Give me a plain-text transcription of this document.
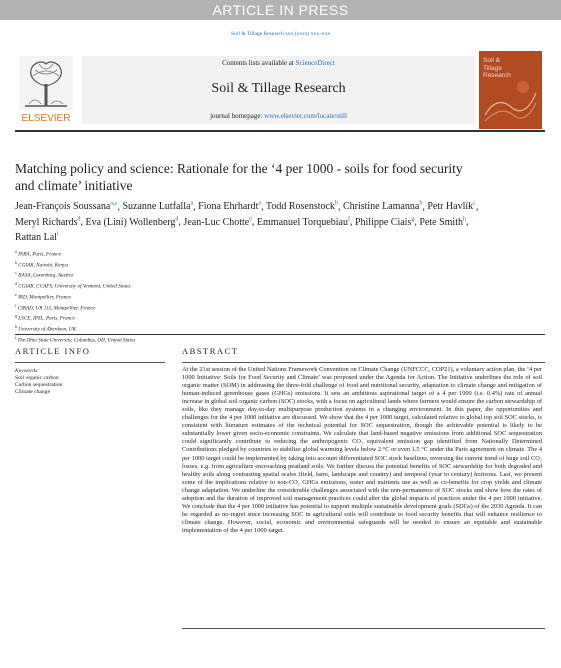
ARTICLE IN PRESS
Soil & Tillage Research xxx (xxxx) xxx–xxx
ELSEVIER
Contents lists available at ScienceDirect
Soil & Tillage Research
journal homepage: www.elsevier.com/locate/still
Soil &
Tillage
Research
Matching policy and science: Rationale for the ‘4 per 1000 - soils for food security and climate’ initiative
Jean-François Soussana$^{a,⁎}$, Suzanne Lutfalla$^a$, Fiona Ehrhardt$^a$, Todd Rosenstock$^b$, Christine Lamanna$^b$, Petr Havlík$^c$, Meryl Richards$^d$, Eva (Lini) Wollenberg$^d$, Jean-Luc Chotte$^e$, Emmanuel Torquebiau$^f$, Philippe Ciais$^g$, Pete Smith$^h$, Rattan Lal$^i$
$^a$ INRA, Paris, France
$^b$ CGIAR, Nairobi, Kenya
$^c$ IIASA, Laxenburg, Austria
$^d$ CGIAR, CCAFS, University of Vermont, United States
$^e$ IRD, Montpellier, France
$^f$ CIRAD, UR 115, Montpellier, France
$^g$ LSCE, IPSL, Paris, France
$^h$ University of Aberdeen, UK
$^i$ The Ohio State University, Columbus, OH, United States
ARTICLE INFO	ABSTRACT
Keywords:
Soil organic carbon
Carbon sequestration
Climate change
At the 21st session of the United Nations Framework Convention on Climate Change (UNFCCC, COP21), a voluntary action plan, the ‘4 per 1000 Initiative: Soils for Food Security and Climate’ was proposed under the Agenda for Action. The Initiative underlines the role of soil organic matter (SOM) in addressing the three-fold challenge of food and nutritional security, adaptation to climate change and mitigation of human-induced greenhouse gases (GHGs) emissions. It sets an ambitious aspirational target of a 4 per 1000 (i.e. 0.4%) rate of annual increase in global soil organic carbon (SOC) stocks, with a focus on agricultural lands where farmers would ensure the carbon stewardship of soils, like they manage day-to-day multipurpose production systems in a changing environment. In this paper, the opportunities and challenges for the 4 per 1000 initiative are discussed. We show that the 4 per 1000 target, calculated relative to global top soil SOC stocks, is consistent with literature estimates of the technical potential for SOC sequestration, though the achievable potential is likely to be substantially lower given socio-economic constraints. We calculate that land-based negative emissions from additional SOC sequestration could significantly contribute to reducing the anthropogenic CO₂ equivalent emission gap identified from Nationally Determined Contributions pledged by countries to stabilize global warming levels below 2 °C or even 1.5 °C under the Paris agreement on climate. The 4 per 1000 target could be implemented by taking into account differentiated SOC stock baselines, reversing the current trend of huge soil CO₂ losses, e.g. from agriculture encroaching peatland soils. We further discuss the potential benefits of SOC stewardship for both degraded and healthy soils along contrasting spatial scales (field, farm, landscape and country) and temporal (year to century) horizons. Last, we present some of the implications relative to non-CO₂ GHGs emissions, water and nutrients use as well as co-benefits for crop yields and climate change adaptation. We underline the considerable challenges associated with the non-permanence of SOC stocks and show how the rates of adoption and the duration of improved soil management practices could alter the global impacts of practices under the 4 per 1000 initiative. We conclude that the 4 per 1000 initiative has potential to support multiple sustainable development goals (SDGs) of the 2030 Agenda. It can be regarded as no-regret since increasing SOC in agricultural soils will contribute to food security benefits that will enhance resilience to climate change. However, social, economic and environmental safeguards will be needed to ensure an equitable and sustainable implementation of the 4 per 1000 target.
